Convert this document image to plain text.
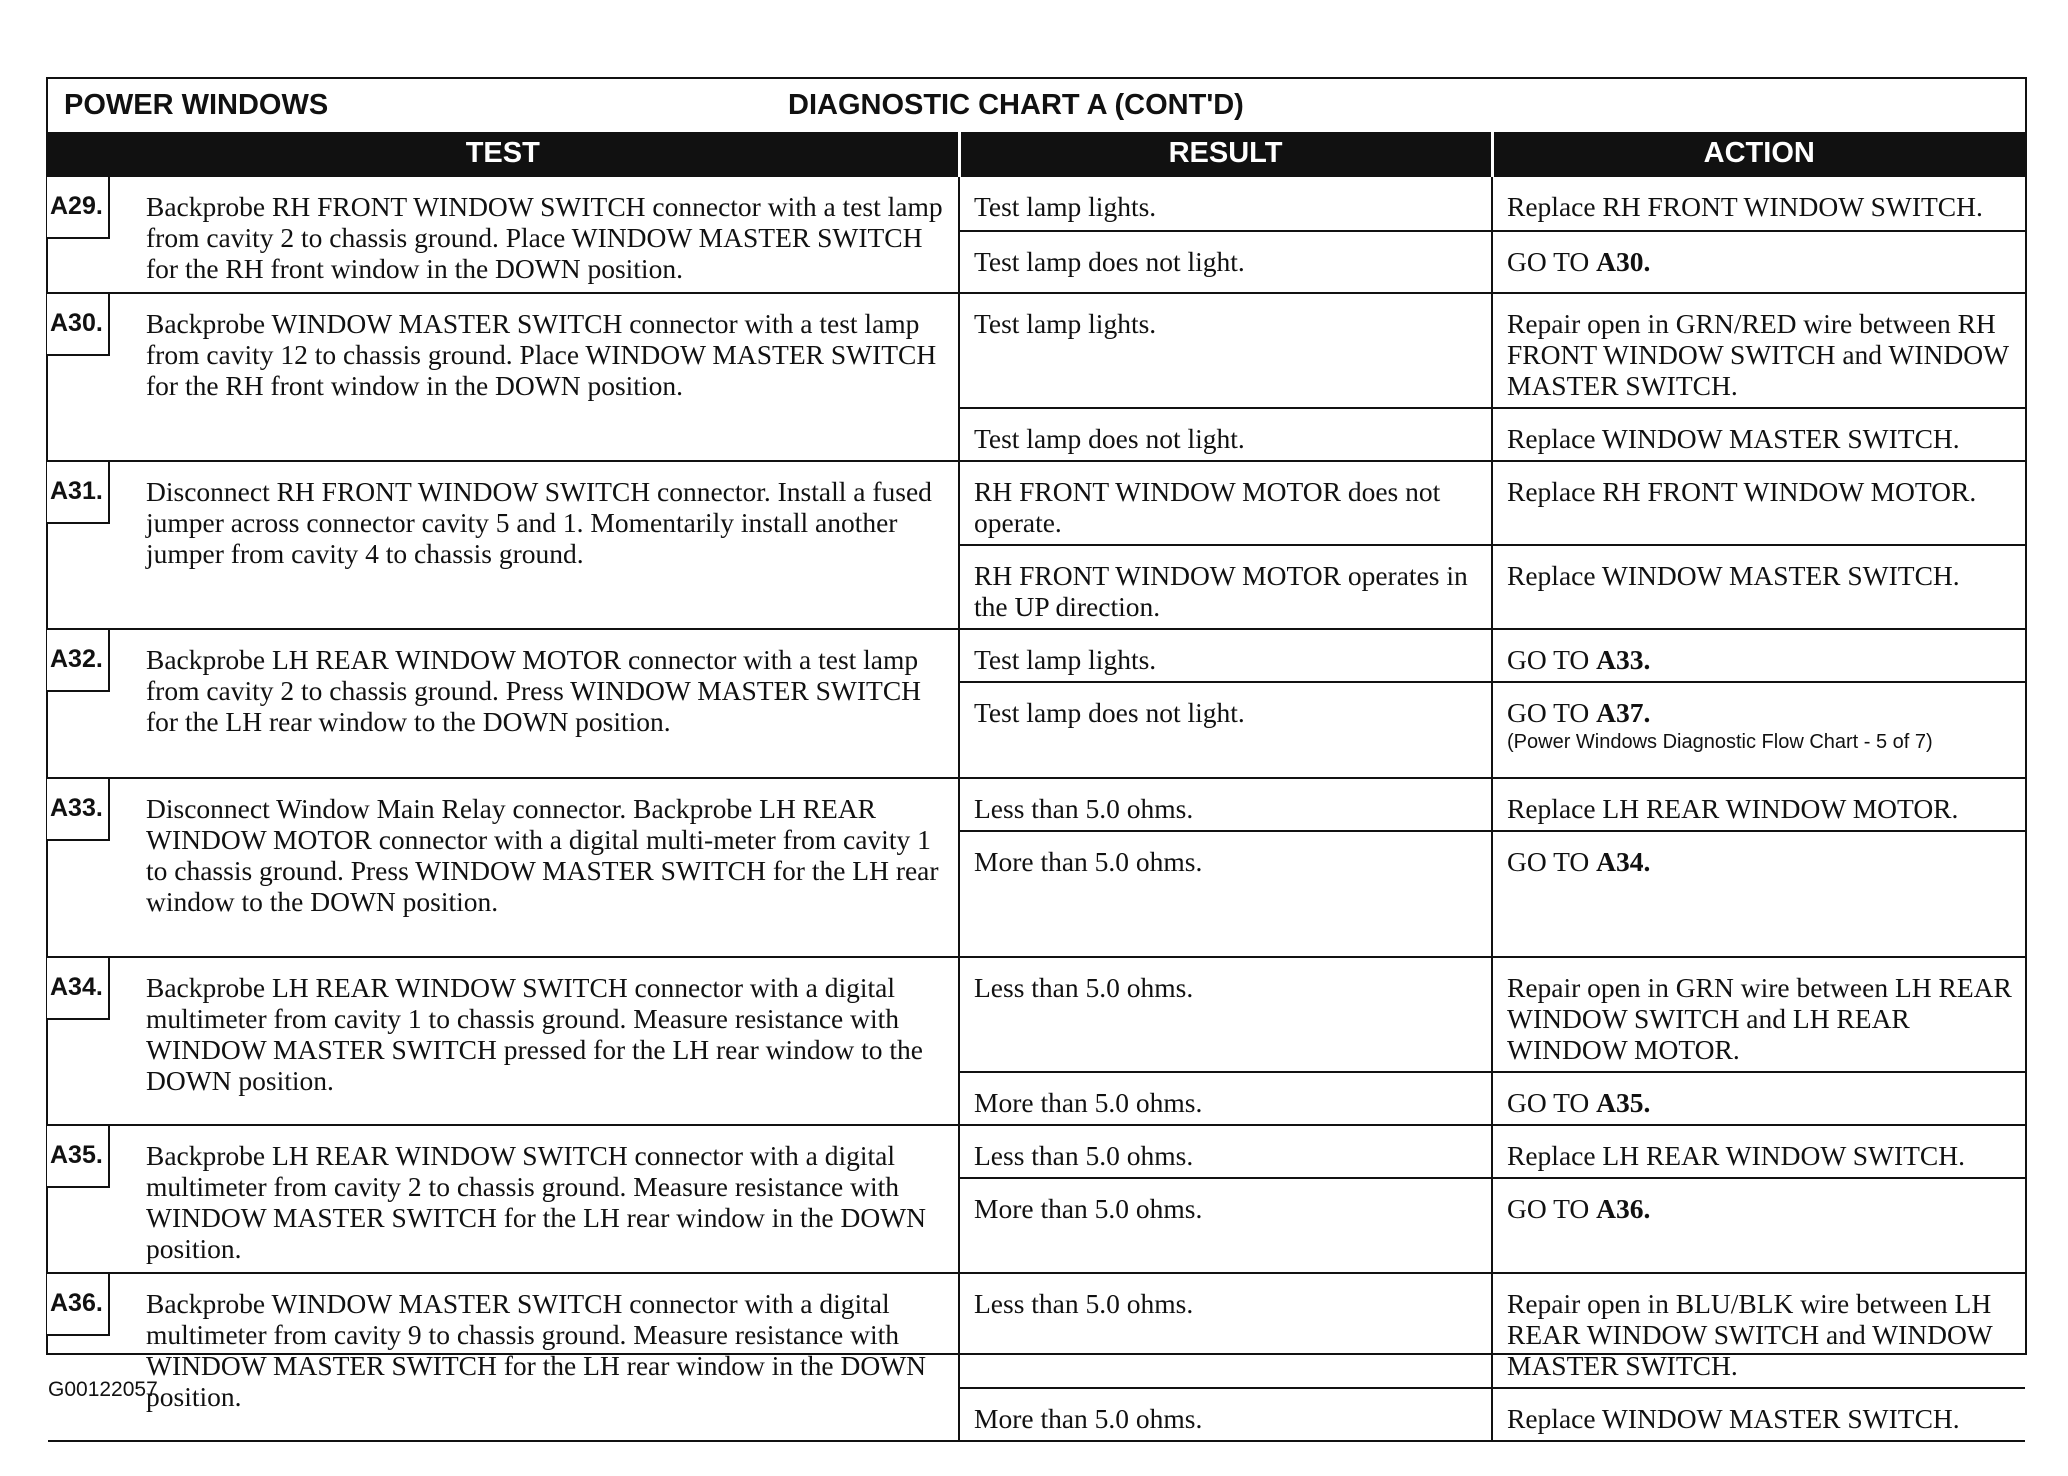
POWER WINDOWS	DIAGNOSTIC CHART A (CONT'D)
TEST	RESULT	ACTION

A29. Backprobe RH FRONT WINDOW SWITCH connector with a test lamp from cavity 2 to chassis ground. Place WINDOW MASTER SWITCH for the RH front window in the DOWN position.	Test lamp lights.	Replace RH FRONT WINDOW SWITCH.

	Test lamp does not light.	GO TO A30.

A30. Backprobe WINDOW MASTER SWITCH connector with a test lamp from cavity 12 to chassis ground. Place WINDOW MASTER SWITCH for the RH front window in the DOWN position.	Test lamp lights.	Repair open in GRN/RED wire between RH FRONT WINDOW SWITCH and WINDOW MASTER SWITCH.

	Test lamp does not light.	Replace WINDOW MASTER SWITCH.

A31. Disconnect RH FRONT WINDOW SWITCH connector. Install a fused jumper across connector cavity 5 and 1. Momentarily install another jumper from cavity 4 to chassis ground.	RH FRONT WINDOW MOTOR does not operate.	Replace RH FRONT WINDOW MOTOR.

	RH FRONT WINDOW MOTOR operates in the UP direction.	Replace WINDOW MASTER SWITCH.

A32. Backprobe LH REAR WINDOW MOTOR connector with a test lamp from cavity 2 to chassis ground. Press WINDOW MASTER SWITCH for the LH rear window to the DOWN position.	Test lamp lights.	GO TO A33.

	Test lamp does not light.	GO TO A37.
(Power Windows Diagnostic Flow Chart - 5 of 7)

A33. Disconnect Window Main Relay connector. Backprobe LH REAR WINDOW MOTOR connector with a digital multi-meter from cavity 1 to chassis ground. Press WINDOW MASTER SWITCH for the LH rear window to the DOWN position.	Less than 5.0 ohms.	Replace LH REAR WINDOW MOTOR.

	More than 5.0 ohms.	GO TO A34.

A34. Backprobe LH REAR WINDOW SWITCH connector with a digital multimeter from cavity 1 to chassis ground. Measure resistance with WINDOW MASTER SWITCH pressed for the LH rear window to the DOWN position.	Less than 5.0 ohms.	Repair open in GRN wire between LH REAR WINDOW SWITCH and LH REAR WINDOW MOTOR.

	More than 5.0 ohms.	GO TO A35.

A35. Backprobe LH REAR WINDOW SWITCH connector with a digital multimeter from cavity 2 to chassis ground. Measure resistance with WINDOW MASTER SWITCH for the LH rear window in the DOWN position.	Less than 5.0 ohms.	Replace LH REAR WINDOW SWITCH.

	More than 5.0 ohms.	GO TO A36.

A36. Backprobe WINDOW MASTER SWITCH connector with a digital multimeter from cavity 9 to chassis ground. Measure resistance with WINDOW MASTER SWITCH for the LH rear window in the DOWN position.	Less than 5.0 ohms.	Repair open in BLU/BLK wire between LH REAR WINDOW SWITCH and WINDOW MASTER SWITCH.

	More than 5.0 ohms.	Replace WINDOW MASTER SWITCH.
G00122057
